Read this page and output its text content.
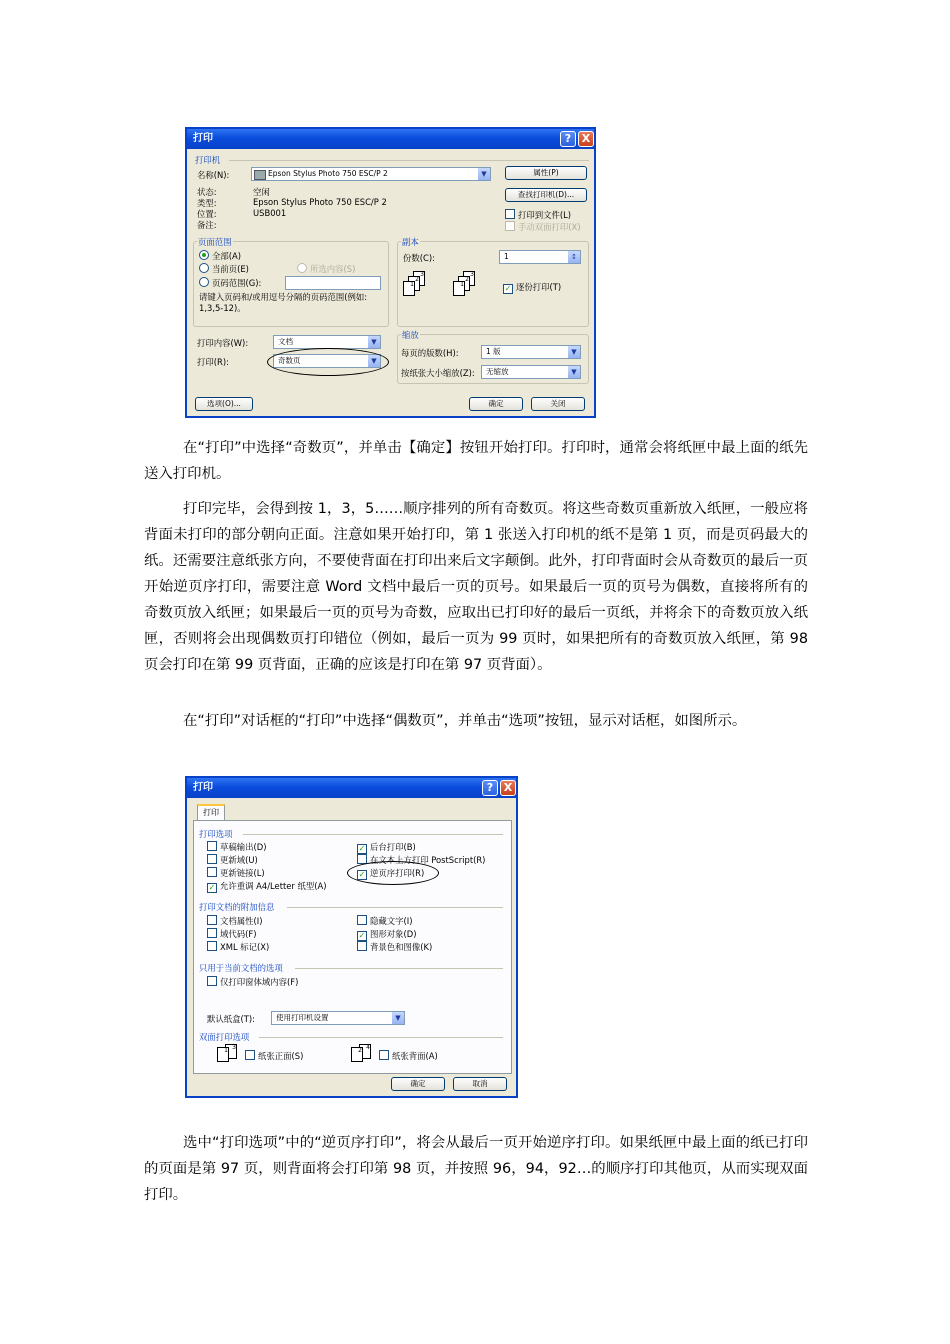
打印	? X
打印机
名称(N):	Epson Stylus Photo 750 ESC/P 2	▼	属性(P)
状态:	空闲
类型:	Epson Stylus Photo 750 ESC/P 2
位置:	USB001
备注:
查找打印机(D)...
打印到文件(L)
手动双面打印(X)
页面范围
全部(A)
当前页(E)	所选内容(S)
页码范围(G):
请键入页码和/或用逗号分隔的页码范围(例如: 1,3,5-12)。
副本
份数(C):	1	↕
3
2
1
3
2
1	✓ 逐份打印(T)
打印内容(W):	文档	▼
打印(R):	奇数页	▼
缩放
每页的版数(H):	1 版	▼
按纸张大小缩放(Z):	无缩放	▼
选项(O)...	确定	关闭

在“打印”中选择“奇数页”，并单击【确定】按钮开始打印。打印时，通常会将纸匣中最上面的纸先送入打印机。

打印完毕，会得到按 1，3，5……顺序排列的所有奇数页。将这些奇数页重新放入纸匣，一般应将背面未打印的部分朝向正面。注意如果开始打印，第 1 张送入打印机的纸不是第 1 页，而是页码最大的纸。还需要注意纸张方向，不要使背面在打印出来后文字颠倒。此外，打印背面时会从奇数页的最后一页开始逆页序打印，需要注意 Word 文档中最后一页的页号。如果最后一页的页号为偶数，直接将所有的奇数页放入纸匣；如果最后一页的页号为奇数，应取出已打印好的最后一页纸，并将余下的奇数页放入纸匣，否则将会出现偶数页打印错位（例如，最后一页为 99 页时，如果把所有的奇数页放入纸匣，第 98 页会打印在第 99 页背面，正确的应该是打印在第 97 页背面）。

在“打印”对话框的“打印”中选择“偶数页”，并单击“选项”按钮，显示对话框，如图所示。

打印	? X
打印
打印选项
草稿输出(D)
更新域(U)
更新链接(L)
✓ 允许重调 A4/Letter 纸型(A)
✓ 后台打印(B)
在文本上方打印 PostScript(R)
✓ 逆页序打印(R)
打印文档的附加信息
文档属性(I)
域代码(F)
XML 标记(X)
隐藏文字(I)
✓ 图形对象(D)
背景色和图像(K)
只用于当前文档的选项
仅打印窗体域内容(F)
默认纸盒(T):	使用打印机设置	▼
双面打印选项
3
1
纸张正面(S)
4
2
纸张背面(A)
确定	取消

选中“打印选项”中的“逆页序打印”，将会从最后一页开始逆序打印。如果纸匣中最上面的纸已打印的页面是第 97 页，则背面将会打印第 98 页，并按照 96，94，92…的顺序打印其他页，从而实现双面打印。
